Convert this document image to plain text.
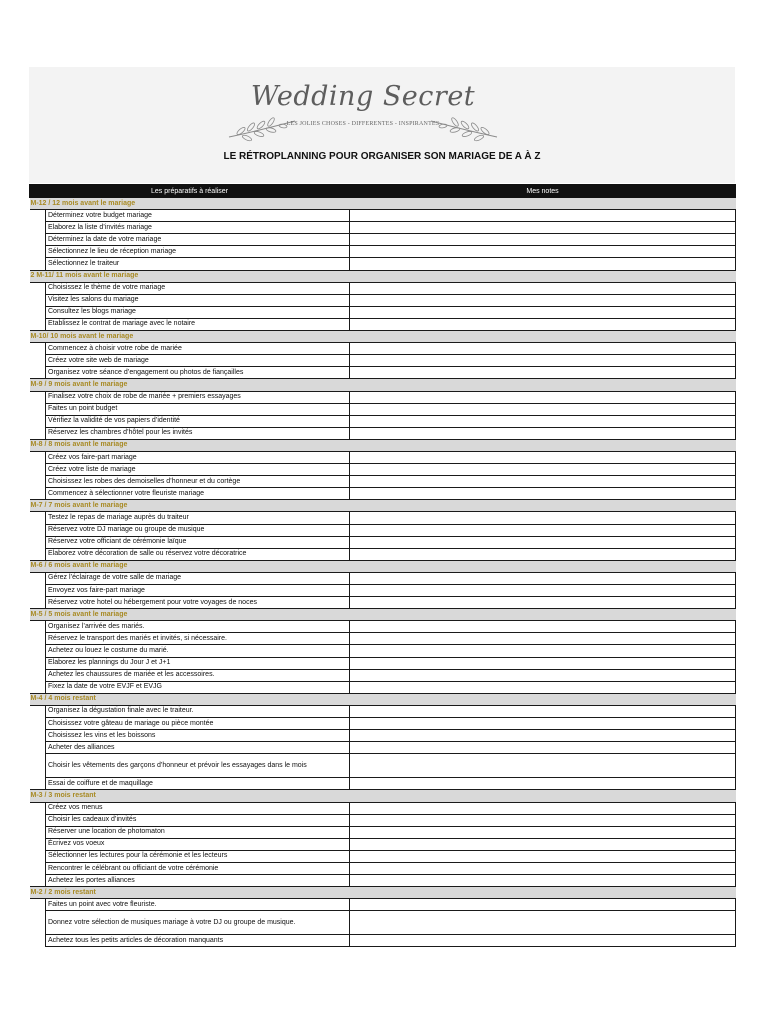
Wedding Secret
LES JOLIES CHOSES - DIFFERENTES - INSPIRANTES
LE RÉTROPLANNING POUR ORGANISER SON MARIAGE DE A À Z
Les préparatifs à réaliser		Mes notes
M-12 / 12 mois avant le mariage		
	Déterminez votre budget mariage	
	Elaborez la liste d’invités mariage	
	Déterminez la date de votre mariage	
	Sélectionnez le lieu de réception mariage	
	Sélectionnez le traiteur	
2 M-11/ 11 mois avant le mariage		
	Choisissez le thème de votre mariage	
	Visitez les salons du mariage	
	Consultez les blogs mariage	
	Etablissez le contrat de mariage avec le notaire	
M-10/ 10 mois avant le mariage		
	Commencez à choisir votre robe de mariée	
	Créez votre site web de mariage	
	Organisez votre séance d’engagement ou photos de fiançailles	
M-9 / 9 mois avant le mariage		
	Finalisez votre choix de robe de mariée + premiers essayages	
	Faites un point budget	
	Vérifiez la validité de vos papiers d’identité	
	Réservez les chambres d’hôtel pour les invités	
M-8 / 8 mois avant le mariage		
	Créez vos faire-part mariage	
	Créez votre liste de mariage	
	Choisissez les robes des demoiselles d’honneur et du cortège	
	Commencez à sélectionner votre fleuriste mariage	
M-7 / 7 mois avant le mariage		
	Testez le repas de mariage auprès du traiteur	
	Réservez votre DJ mariage ou groupe de musique	
	Réservez votre officiant de cérémonie laïque	
	Elaborez votre décoration de salle ou réservez votre décoratrice	
M-6 / 6 mois avant le mariage		
	Gérez l’éclairage de votre salle de mariage	
	Envoyez vos faire-part mariage	
	Réservez votre hotel ou hébergement pour votre voyages de noces	
M-5 / 5 mois avant le mariage		
	Organisez l’arrivée des mariés.	
	Réservez le transport des mariés et invités, si nécessaire.	
	Achetez ou louez le costume du marié.	
	Elaborez les plannings du Jour J et J+1	
	Achetez les chaussures de mariée et les accessoires.	
	Fixez la date de votre EVJF et EVJG	
M-4 / 4 mois restant		
	Organisez la dégustation finale avec le traiteur.	
	Choisissez votre gâteau de mariage ou pièce montée	
	Choisissez les vins et les boissons	
	Acheter des alliances	
	Choisir les vêtements des garçons d’honneur et prévoir les essayages dans le mois	
	Essai de coiffure et de maquillage	
M-3 / 3 mois restant		
	Créez vos menus	
	Choisir les cadeaux d’invités	
	Réserver une location de photomaton	
	Écrivez vos voeux	
	Sélectionner les lectures pour la cérémonie et les lecteurs	
	Rencontrer le célébrant ou officiant de votre cérémonie	
	Achetez les portes alliances	
M-2 / 2 mois restant		
	Faites un point avec votre fleuriste.	
	Donnez votre sélection de musiques mariage à votre DJ ou groupe de musique.	
	Achetez tous les petits articles de décoration manquants	
